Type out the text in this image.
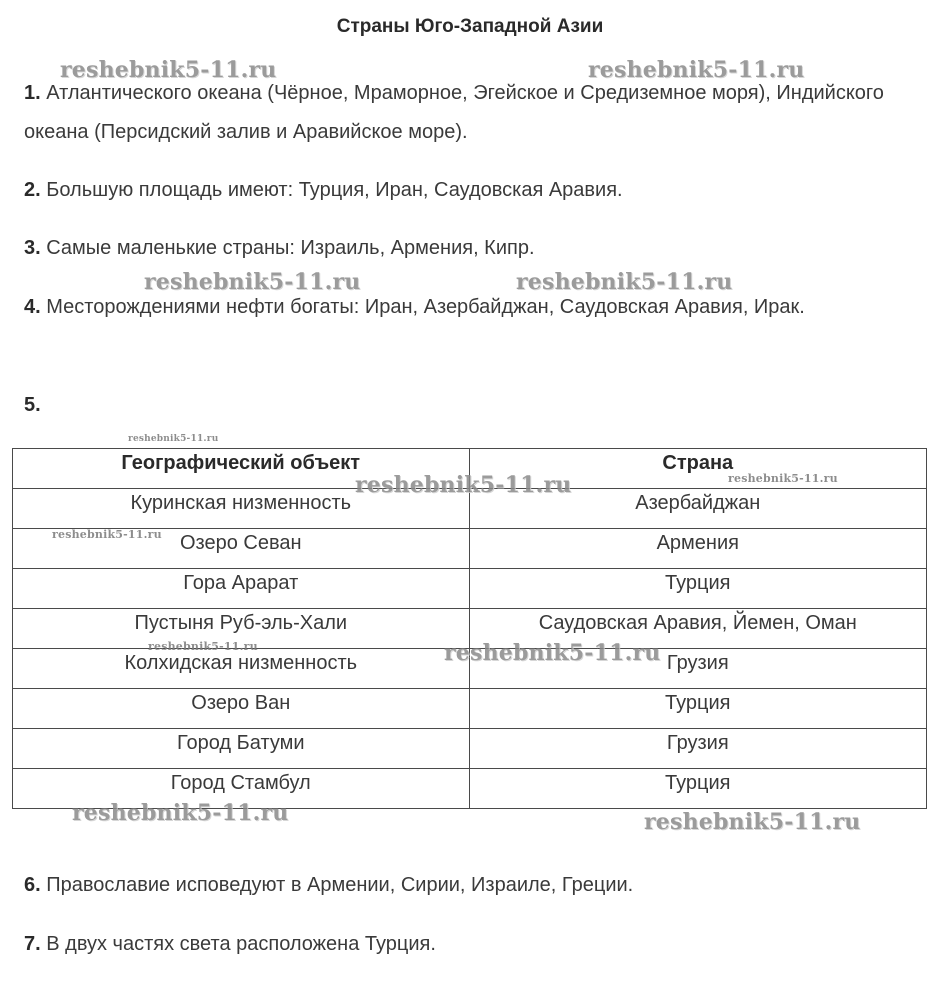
Страны Юго-Западной Азии
1. Атлантического океана (Чёрное, Мраморное, Эгейское и Средиземное моря), Индийского океана (Персидский залив и Аравийское море).
2. Большую площадь имеют: Турция, Иран, Саудовская Аравия.
3. Самые маленькие страны: Израиль, Армения, Кипр.
4. Месторождениями нефти богаты: Иран, Азербайджан, Саудовская Аравия, Ирак.
5.
Географический объект	Страна
Куринская низменность	Азербайджан
Озеро Севан	Армения
Гора Арарат	Турция
Пустыня Руб-эль-Хали	Саудовская Аравия, Йемен, Оман
Колхидская низменность	Грузия
Озеро Ван	Турция
Город Батуми	Грузия
Город Стамбул	Турция
6. Православие исповедуют в Армении, Сирии, Израиле, Греции.
7. В двух частях света расположена Турция.
reshebnik5-11.ru	reshebnik5-11.ru
reshebnik5-11.ru	reshebnik5-11.ru
reshebnik5-11.ru
reshebnik5-11.ru	reshebnik5-11.ru
reshebnik5-11.ru
reshebnik5-11.ru	reshebnik5-11.ru
reshebnik5-11.ru	reshebnik5-11.ru
